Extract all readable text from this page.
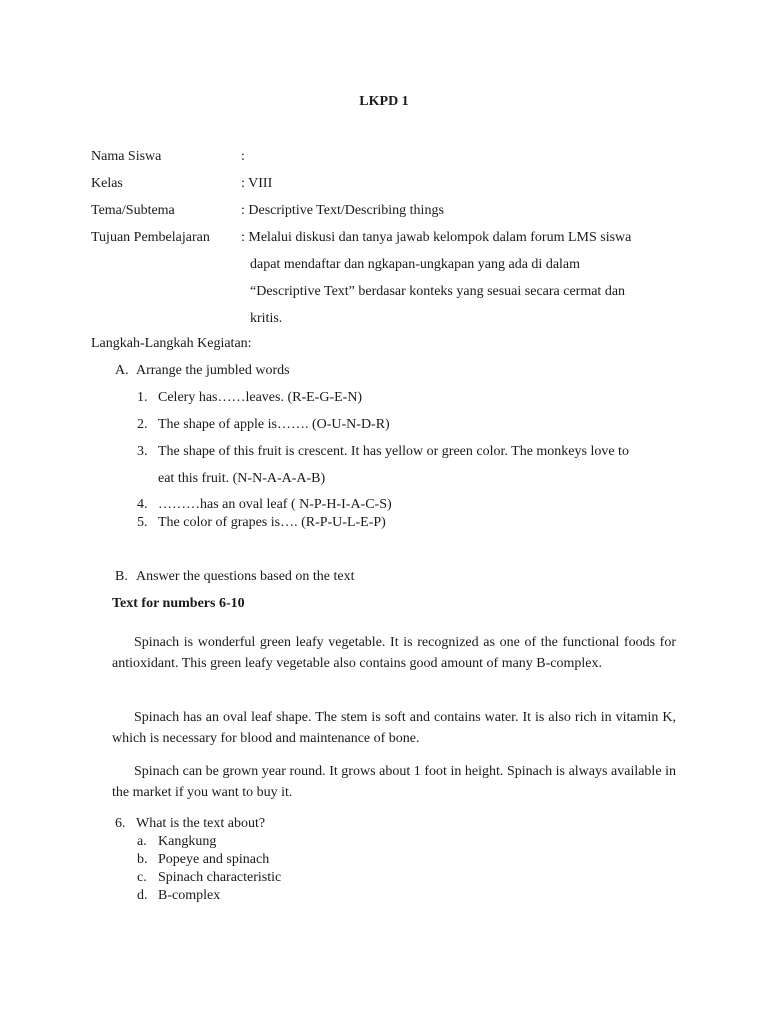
LKPD 1
Nama Siswa	:
Kelas	: VIII
Tema/Subtema	: Descriptive Text/Describing things
Tujuan Pembelajaran : Melalui diskusi dan tanya jawab kelompok dalam forum LMS siswa
dapat mendaftar dan ngkapan-ungkapan yang ada di dalam
“Descriptive Text” berdasar konteks yang sesuai secara cermat dan
kritis.
Langkah-Langkah Kegiatan:
A. Arrange the jumbled words
1. Celery has……leaves. (R-E-G-E-N)
2. The shape of apple is……. (O-U-N-D-R)
3. The shape of this fruit is crescent. It has yellow or green color. The monkeys love to
eat this fruit. (N-N-A-A-A-B)
4. ………has an oval leaf ( N-P-H-I-A-C-S)
5. The color of grapes is…. (R-P-U-L-E-P)
B. Answer the questions based on the text
Text for numbers 6-10
Spinach is wonderful green leafy vegetable. It is recognized as one of the functional foods for antioxidant. This green leafy vegetable also contains good amount of many B-complex.
Spinach has an oval leaf shape. The stem is soft and contains water. It is also rich in vitamin K, which is necessary for blood and maintenance of bone.
Spinach can be grown year round. It grows about 1 foot in height. Spinach is always available in the market if you want to buy it.
6. What is the text about?
a. Kangkung
b. Popeye and spinach
c. Spinach characteristic
d. B-complex
